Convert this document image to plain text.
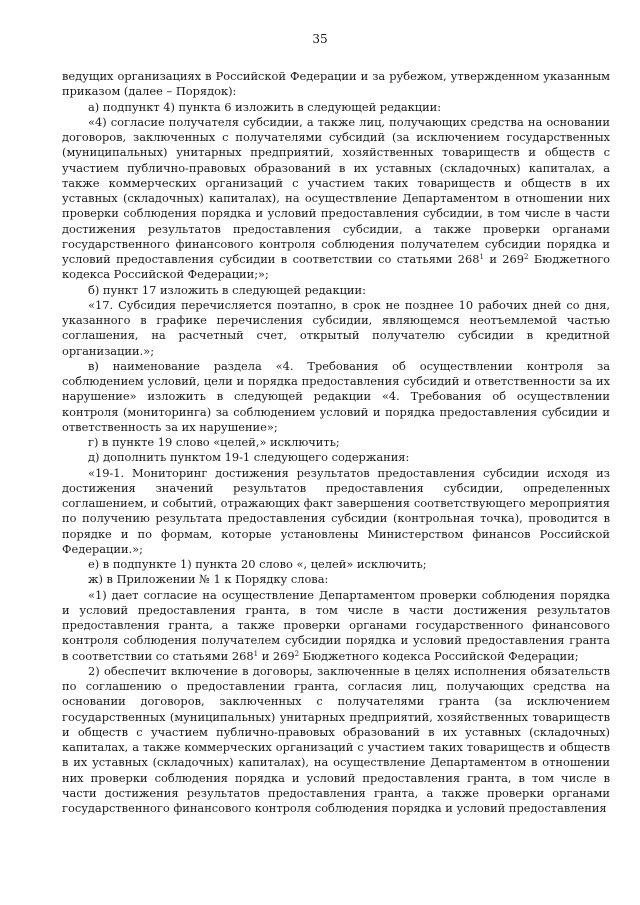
35

ведущих организациях в Российской Федерации и за рубежом, утвержденном указанным приказом (далее – Порядок):

а) подпункт 4) пункта 6 изложить в следующей редакции:

«4) согласие получателя субсидии, а также лиц, получающих средства на основании договоров, заключенных с получателями субсидий (за исключением государственных (муниципальных) унитарных предприятий, хозяйственных товариществ и обществ с участием публично-правовых образований в их уставных (складочных) капиталах, а также коммерческих организаций с участием таких товариществ и обществ в их уставных (складочных) капиталах), на осуществление Департаментом в отношении них проверки соблюдения порядка и условий предоставления субсидии, в том числе в части достижения результатов предоставления субсидии, а также проверки органами государственного финансового контроля соблюдения получателем субсидии порядка и условий предоставления субсидии в соответствии со статьями $268^1$ и $269^2$ Бюджетного кодекса Российской Федерации;»;

б) пункт 17 изложить в следующей редакции:

«17. Субсидия перечисляется поэтапно, в срок не позднее 10 рабочих дней со дня, указанного в графике перечисления субсидии, являющемся неотъемлемой частью соглашения, на расчетный счет, открытый получателю субсидии в кредитной организации.»;

в) наименование раздела «4. Требования об осуществлении контроля за соблюдением условий, цели и порядка предоставления субсидий и ответственности за их нарушение» изложить в следующей редакции «4. Требования об осуществлении контроля (мониторинга) за соблюдением условий и порядка предоставления субсидии и ответственность за их нарушение»;

г) в пункте 19 слово «целей,» исключить;

д) дополнить пунктом 19-1 следующего содержания:

«19-1. Мониторинг достижения результатов предоставления субсидии исходя из достижения значений результатов предоставления субсидии, определенных соглашением, и событий, отражающих факт завершения соответствующего мероприятия по получению результата предоставления субсидии (контрольная точка), проводится в порядке и по формам, которые установлены Министерством финансов Российской Федерации.»;

е) в подпункте 1) пункта 20 слово «, целей» исключить;

ж) в Приложении № 1 к Порядку слова:

«1) дает согласие на осуществление Департаментом проверки соблюдения порядка и условий предоставления гранта, в том числе в части достижения результатов предоставления гранта, а также проверки органами государственного финансового контроля соблюдения получателем субсидии порядка и условий предоставления гранта в соответствии со статьями $268^1$ и $269^2$ Бюджетного кодекса Российской Федерации;

2) обеспечит включение в договоры, заключенные в целях исполнения обязательств по соглашению о предоставлении гранта, согласия лиц, получающих средства на основании договоров, заключенных с получателями гранта (за исключением государственных (муниципальных) унитарных предприятий, хозяйственных товариществ и обществ с участием публично-правовых образований в их уставных (складочных) капиталах, а также коммерческих организаций с участием таких товариществ и обществ в их уставных (складочных) капиталах), на осуществление Департаментом в отношении них проверки соблюдения порядка и условий предоставления гранта, в том числе в части достижения результатов предоставления гранта, а также проверки органами государственного финансового контроля соблюдения порядка и условий предоставления
